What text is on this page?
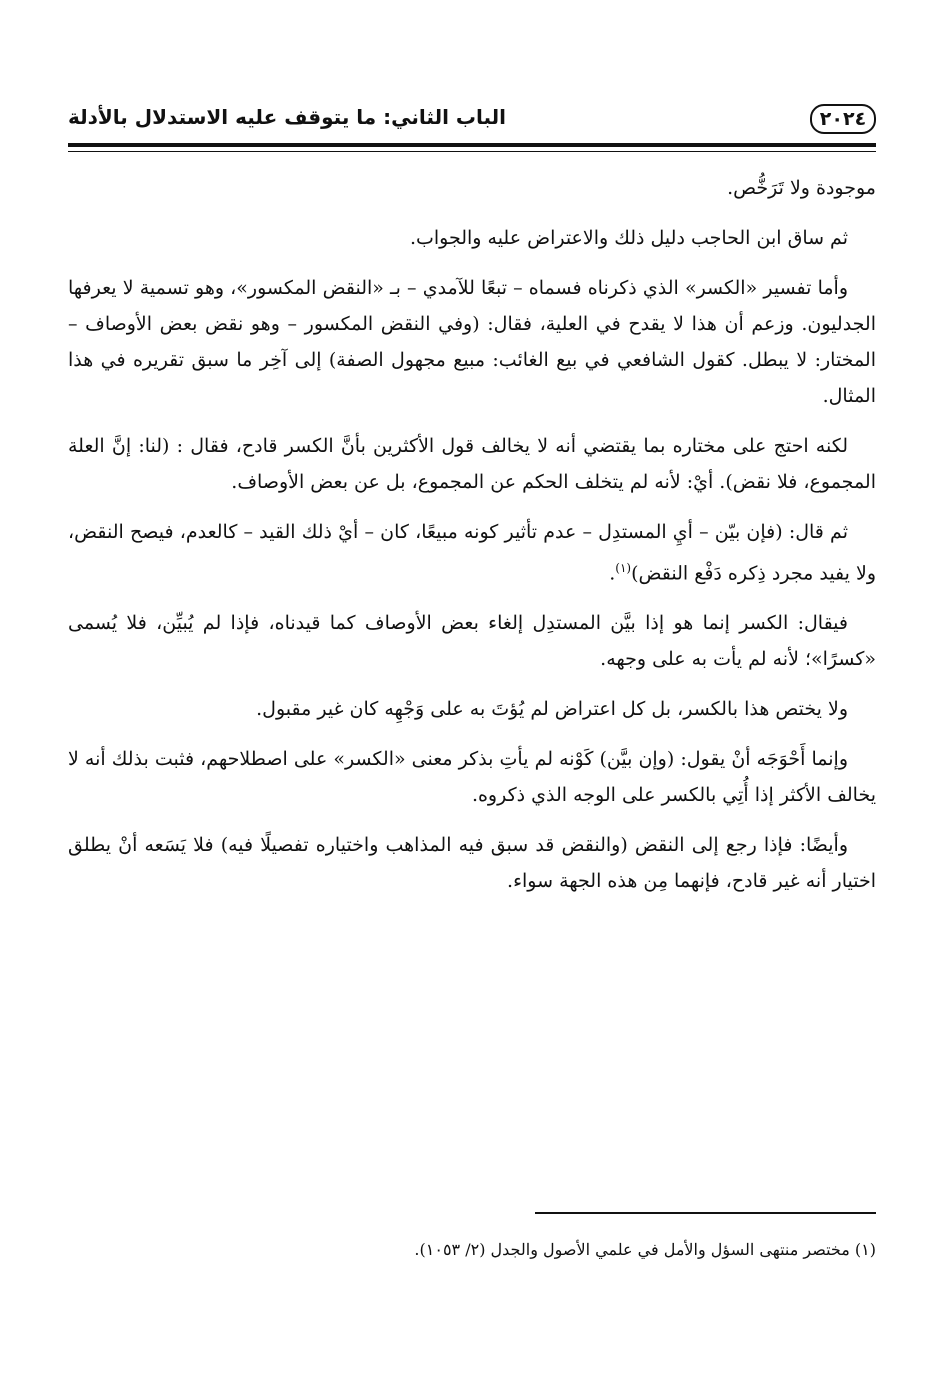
٢٠٢٤
الباب الثاني: ما يتوقف عليه الاستدلال بالأدلة

موجودة ولا تَرَخُّص.

ثم ساق ابن الحاجب دليل ذلك والاعتراض عليه والجواب.

وأما تفسير «الكسر» الذي ذكرناه فسماه – تبعًا للآمدي – بـ «النقض المكسور»، وهو تسمية لا يعرفها الجدليون. وزعم أن هذا لا يقدح في العلية، فقال: (وفي النقض المكسور – وهو نقض بعض الأوصاف – المختار: لا يبطل. كقول الشافعي في بيع الغائب: مبيع مجهول الصفة) إلى آخِر ما سبق تقريره في هذا المثال.

لكنه احتج على مختاره بما يقتضي أنه لا يخالف قول الأكثرين بأنَّ الكسر قادح، فقال : (لنا: إنَّ العلة المجموع، فلا نقض). أيْ: لأنه لم يتخلف الحكم عن المجموع، بل عن بعض الأوصاف.

ثم قال: (فإن بيّن – أيِ المستدِل – عدم تأثير كونه مبيعًا، كان – أيْ ذلك القيد – كالعدم، فيصح النقض، ولا يفيد مجرد ذِكره دَفْع النقض)$^{(١)}$.

فيقال: الكسر إنما هو إذا بيَّن المستدِل إلغاء بعض الأوصاف كما قيدناه، فإذا لم يُبيِّن، فلا يُسمى «كسرًا»؛ لأنه لم يأت به على وجهه.

ولا يختص هذا بالكسر، بل كل اعتراض لم يُؤتَ به على وَجْهِه كان غير مقبول.

وإنما أَحْوَجَه أنْ يقول: (وإن بيَّن) كَوْنه لم يأتِ بذكر معنى «الكسر» على اصطلاحهم، فثبت بذلك أنه لا يخالف الأكثر إذا أُتِي بالكسر على الوجه الذي ذكروه.

وأيضًا: فإذا رجع إلى النقض (والنقض قد سبق فيه المذاهب واختياره تفصيلًا فيه) فلا يَسَعه أنْ يطلق اختيار أنه غير قادح، فإنهما مِن هذه الجهة سواء.

(١) مختصر منتهى السؤل والأمل في علمي الأصول والجدل (٢/ ١٠٥٣).
